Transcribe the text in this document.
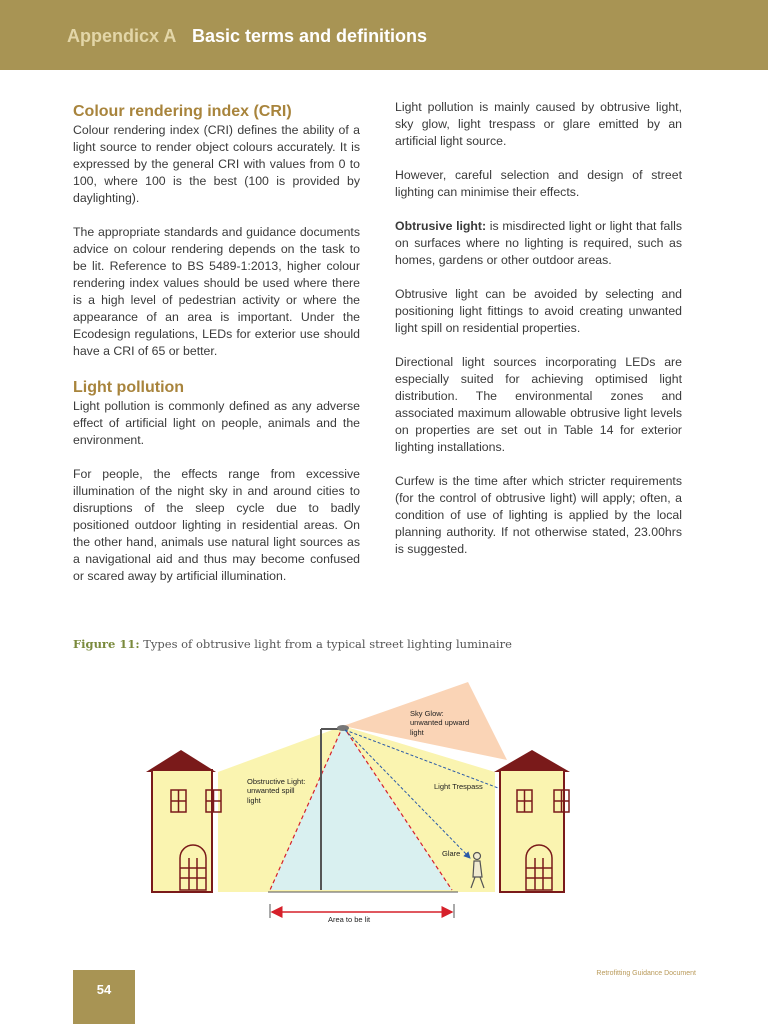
Appendicx A Basic terms and definitions
Colour rendering index (CRI)

Colour rendering index (CRI) defines the ability of a light source to render object colours accurately. It is expressed by the general CRI with values from 0 to 100, where 100 is the best (100 is provided by daylighting).

The appropriate standards and guidance documents advice on colour rendering depends on the task to be lit. Reference to BS 5489-1:2013, higher colour rendering index values should be used where there is a high level of pedestrian activity or where the appearance of an area is important. Under the Ecodesign regulations, LEDs for exterior use should have a CRI of 65 or better.

Light pollution

Light pollution is commonly defined as any adverse effect of artificial light on people, animals and the environment.

For people, the effects range from excessive illumination of the night sky in and around cities to disruptions of the sleep cycle due to badly positioned outdoor lighting in residential areas. On the other hand, animals use natural light sources as a navigational aid and thus may become confused or scared away by artificial illumination.

Light pollution is mainly caused by obtrusive light, sky glow, light trespass or glare emitted by an artificial light source.

However, careful selection and design of street lighting can minimise their effects.

Obtrusive light: is misdirected light or light that falls on surfaces where no lighting is required, such as homes, gardens or other outdoor areas.

Obtrusive light can be avoided by selecting and positioning light fittings to avoid creating unwanted light spill on residential properties.

Directional light sources incorporating LEDs are especially suited for achieving optimised light distribution. The environmental zones and associated maximum allowable obtrusive light levels on properties are set out in Table 14 for exterior lighting installations.

Curfew is the time after which stricter requirements (for the control of obtrusive light) will apply; often, a condition of use of lighting is applied by the local planning authority. If not otherwise stated, 23.00hrs is suggested.

Figure 11: Types of obtrusive light from a typical street lighting luminaire
Sky Glow:
unwanted upward
light
Obstructive Light:
unwanted spill
light
Light Trespass
Glare
Area to be lit
54
Retrofitting Guidance Document
